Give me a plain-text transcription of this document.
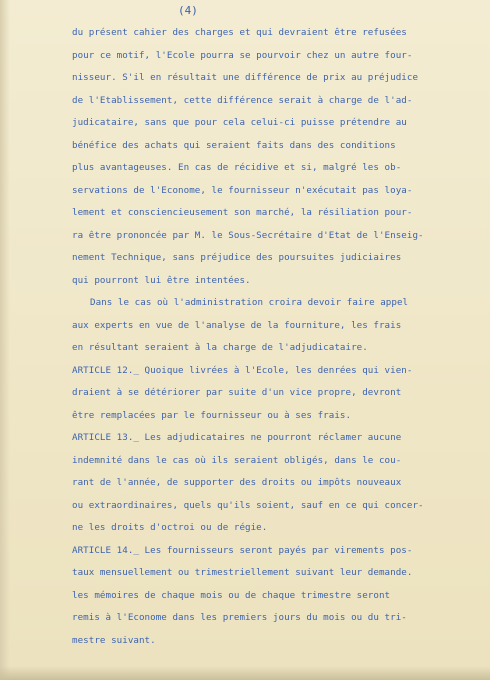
(4)
du présent cahier des charges et qui devraient être refusées
pour ce motif, l'Ecole pourra se pourvoir chez un autre four-
nisseur. S'il en résultait une différence de prix au préjudice
de l'Etablissement, cette différence serait à charge de l'ad-
judicataire, sans que pour cela celui-ci puisse prétendre au
bénéfice des achats qui seraient faits dans des conditions
plus avantageuses. En cas de récidive et si, malgré les ob-
servations de l'Econome, le fournisseur n'exécutait pas loya-
lement et consciencieusement son marché, la résiliation pour-
ra être prononcée par M. le Sous-Secrétaire d'Etat de l'Enseig-
nement Technique, sans préjudice des poursuites judiciaires
qui pourront lui être intentées.
Dans le cas où l'administration croira devoir faire appel
aux experts en vue de l'analyse de la fourniture, les frais
en résultant seraient à la charge de l'adjudicataire.
ARTICLE 12._ Quoique livrées à l'Ecole, les denrées qui vien-
draient à se détériorer par suite d'un vice propre, devront
être remplacées par le fournisseur ou à ses frais.
ARTICLE 13._ Les adjudicataires ne pourront réclamer aucune
indemnité dans le cas où ils seraient obligés, dans le cou-
rant de l'année, de supporter des droits ou impôts nouveaux
ou extraordinaires, quels qu'ils soient, sauf en ce qui concer-
ne les droits d'octroi ou de régie.
ARTICLE 14._ Les fournisseurs seront payés par virements pos-
taux mensuellement ou trimestriellement suivant leur demande.
les mémoires de chaque mois ou de chaque trimestre seront
remis à l'Econome dans les premiers jours du mois ou du tri-
mestre suivant.
